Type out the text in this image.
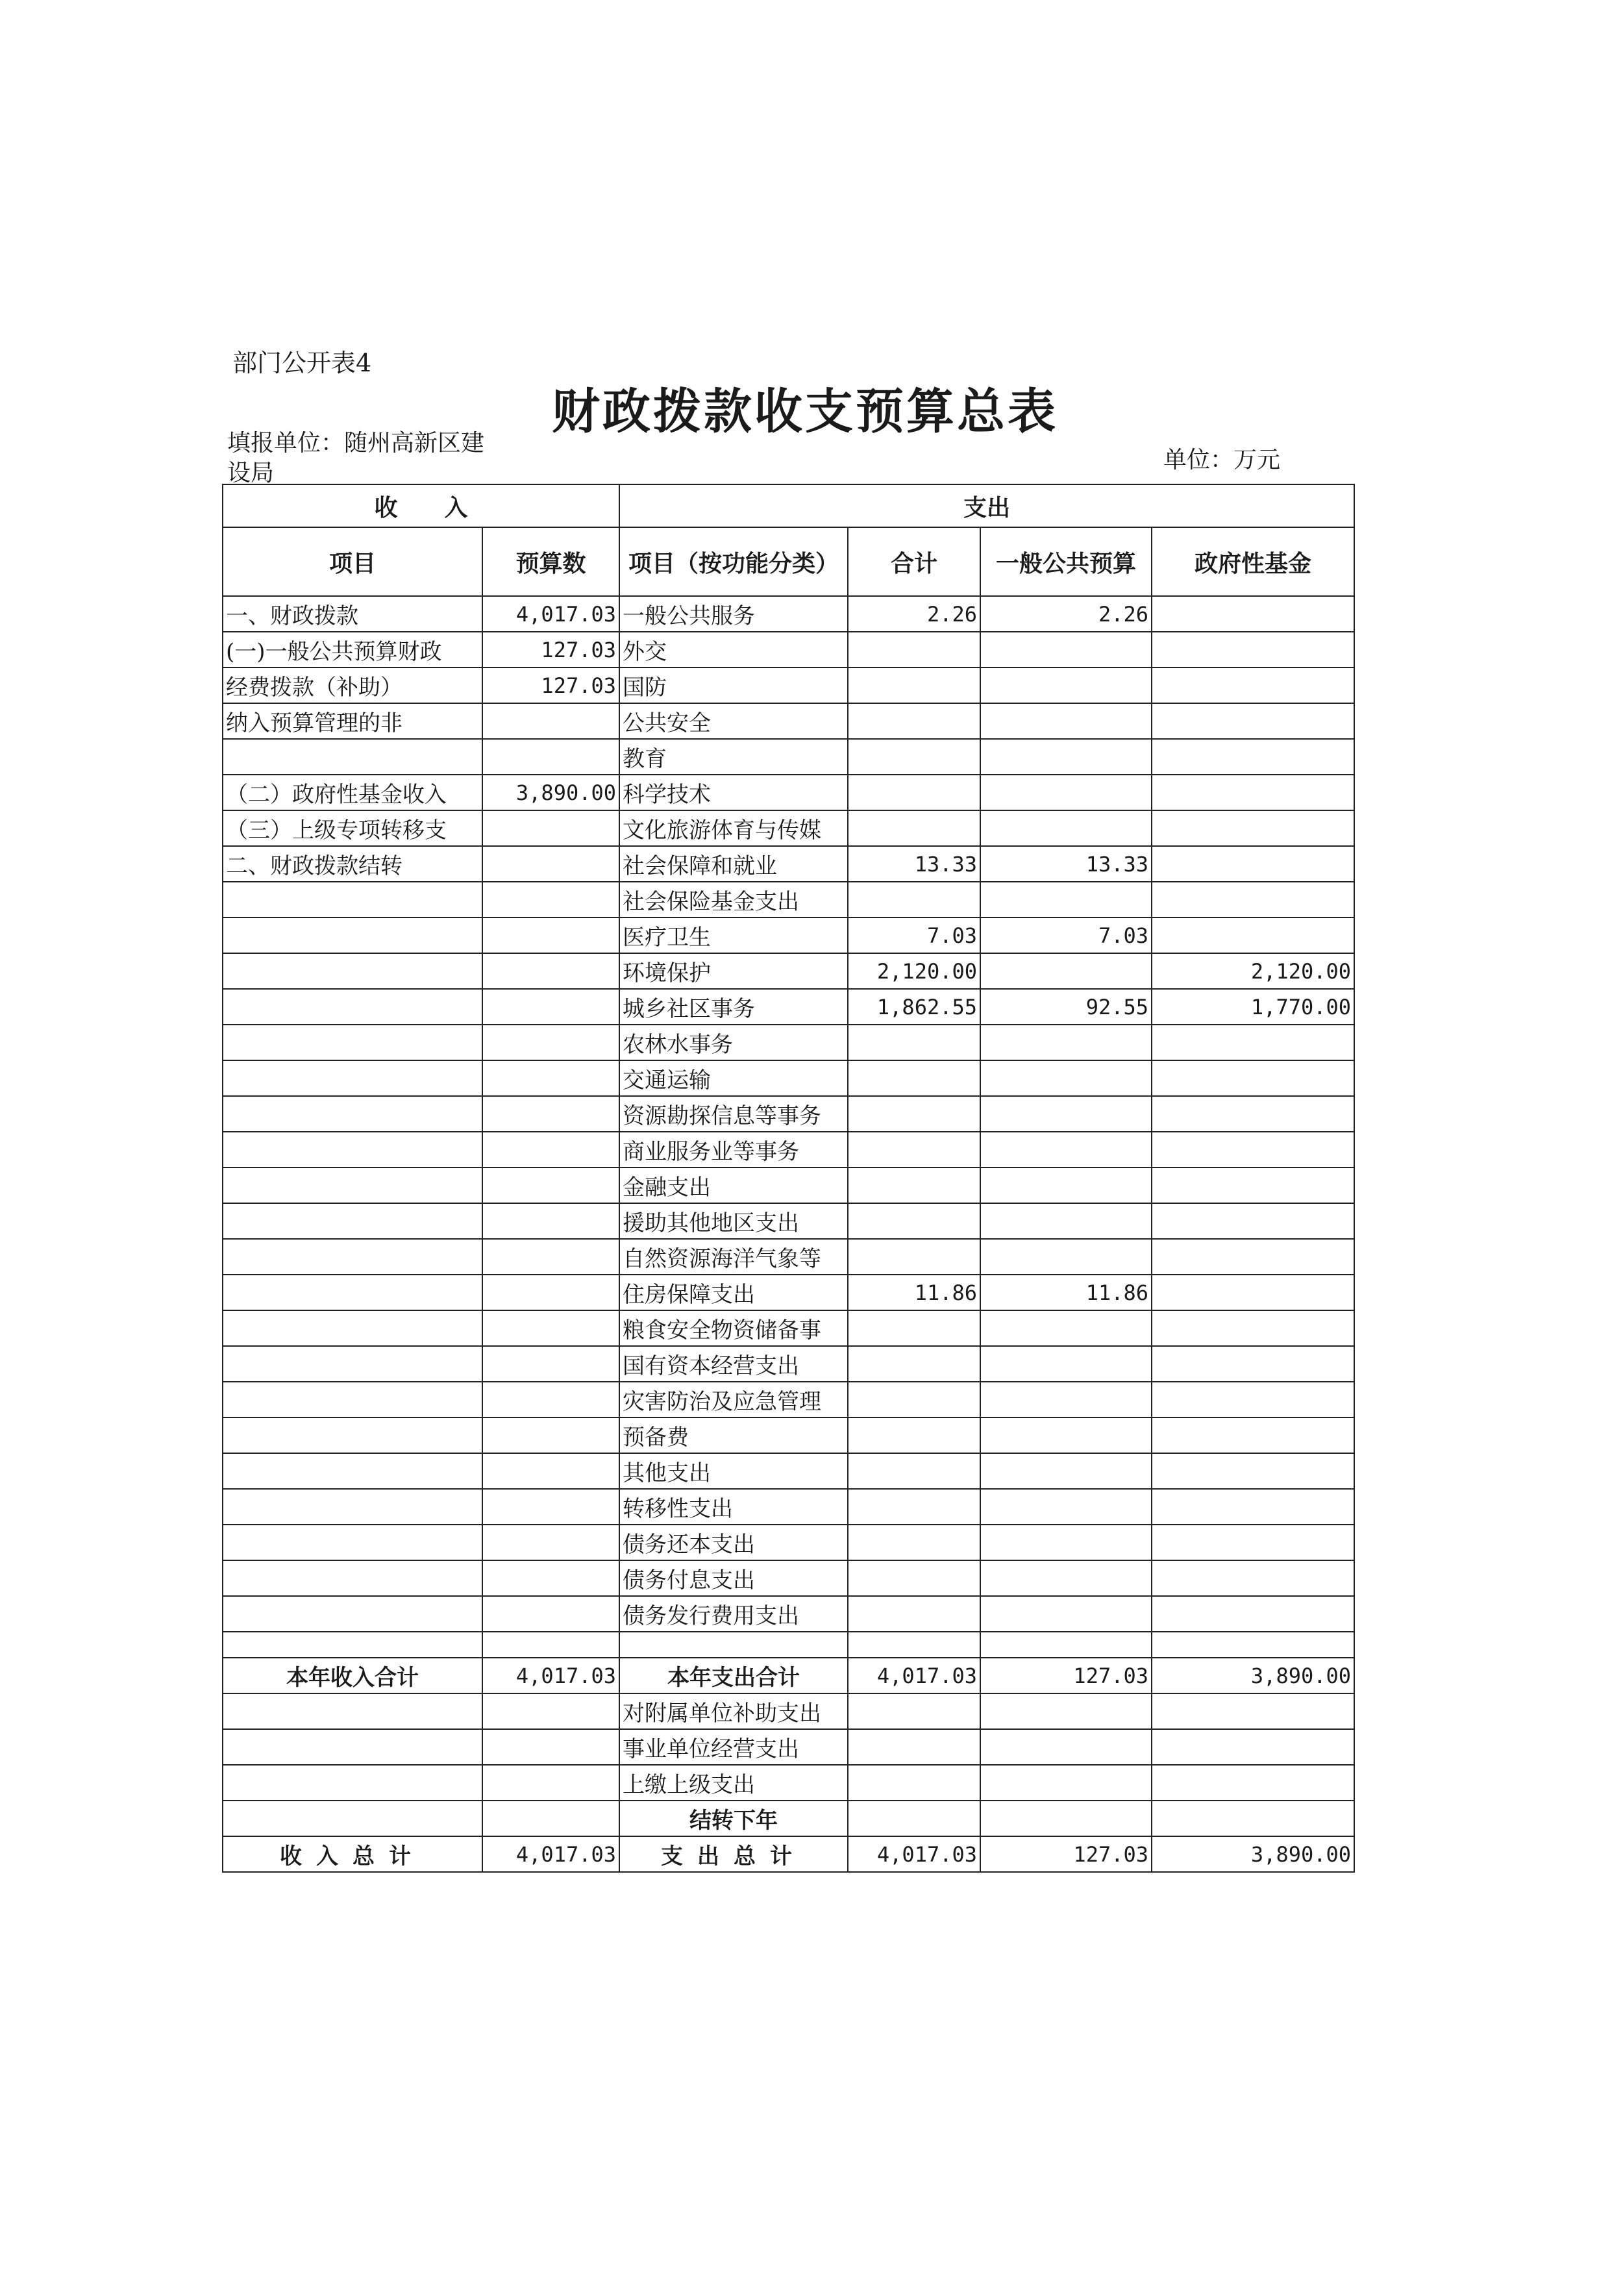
部门公开表4
财政拨款收支预算总表
填报单位：随州高新区建设局	单位：万元
收　　入		支出			
项目	预算数	项目（按功能分类）	合计	一般公共预算	政府性基金
一、财政拨款	4,017.03	一般公共服务	2.26	2.26	
(一)一般公共预算财政	127.03	外交			
经费拨款（补助）	127.03	国防			
纳入预算管理的非		公共安全			
		教育			
（二）政府性基金收入	3,890.00	科学技术			
（三）上级专项转移支		文化旅游体育与传媒			
二、财政拨款结转		社会保障和就业	13.33	13.33	
		社会保险基金支出			
		医疗卫生	7.03	7.03	
		环境保护	2,120.00		2,120.00
		城乡社区事务	1,862.55	92.55	1,770.00
		农林水事务			
		交通运输			
		资源勘探信息等事务			
		商业服务业等事务			
		金融支出			
		援助其他地区支出			
		自然资源海洋气象等			
		住房保障支出	11.86	11.86	
		粮食安全物资储备事			
		国有资本经营支出			
		灾害防治及应急管理			
		预备费			
		其他支出			
		转移性支出			
		债务还本支出			
		债务付息支出			
		债务发行费用支出			

本年收入合计	4,017.03	本年支出合计	4,017.03	127.03	3,890.00
		对附属单位补助支出			
		事业单位经营支出			
		上缴上级支出			
		结转下年			
收入总计	4,017.03	支出总计	4,017.03	127.03	3,890.00
